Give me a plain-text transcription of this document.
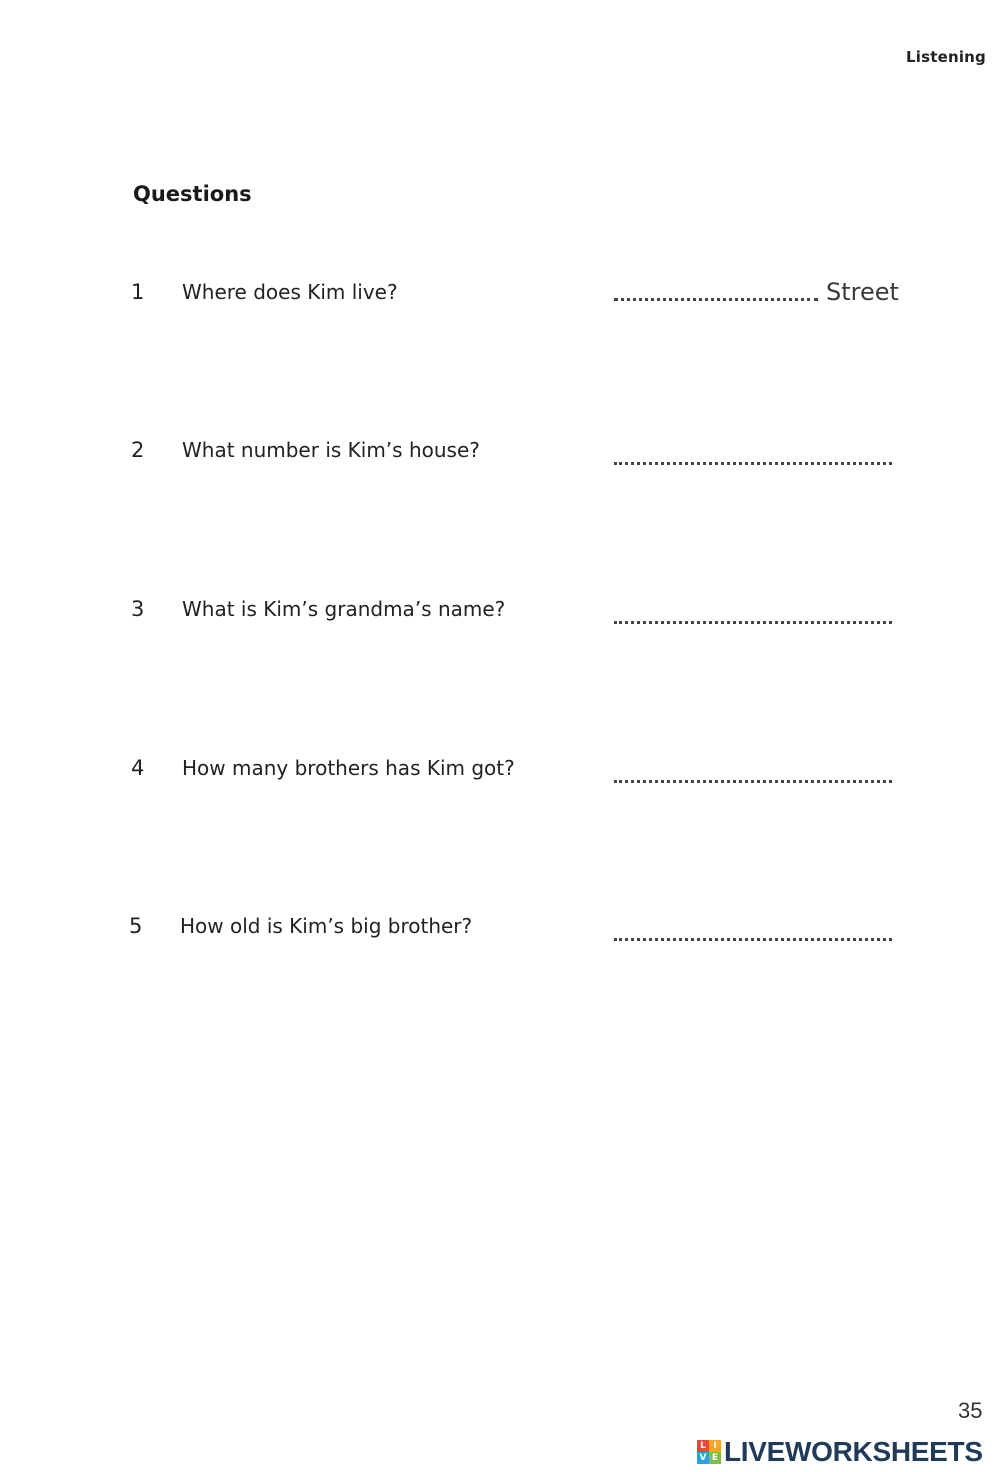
Listening
Questions
1 Where does Kim live?	Street
2 What number is Kim’s house?
3 What is Kim’s grandma’s name?
4 How many brothers has Kim got?
5 How old is Kim’s big brother?
35
L I
V E LIVEWORKSHEETS
